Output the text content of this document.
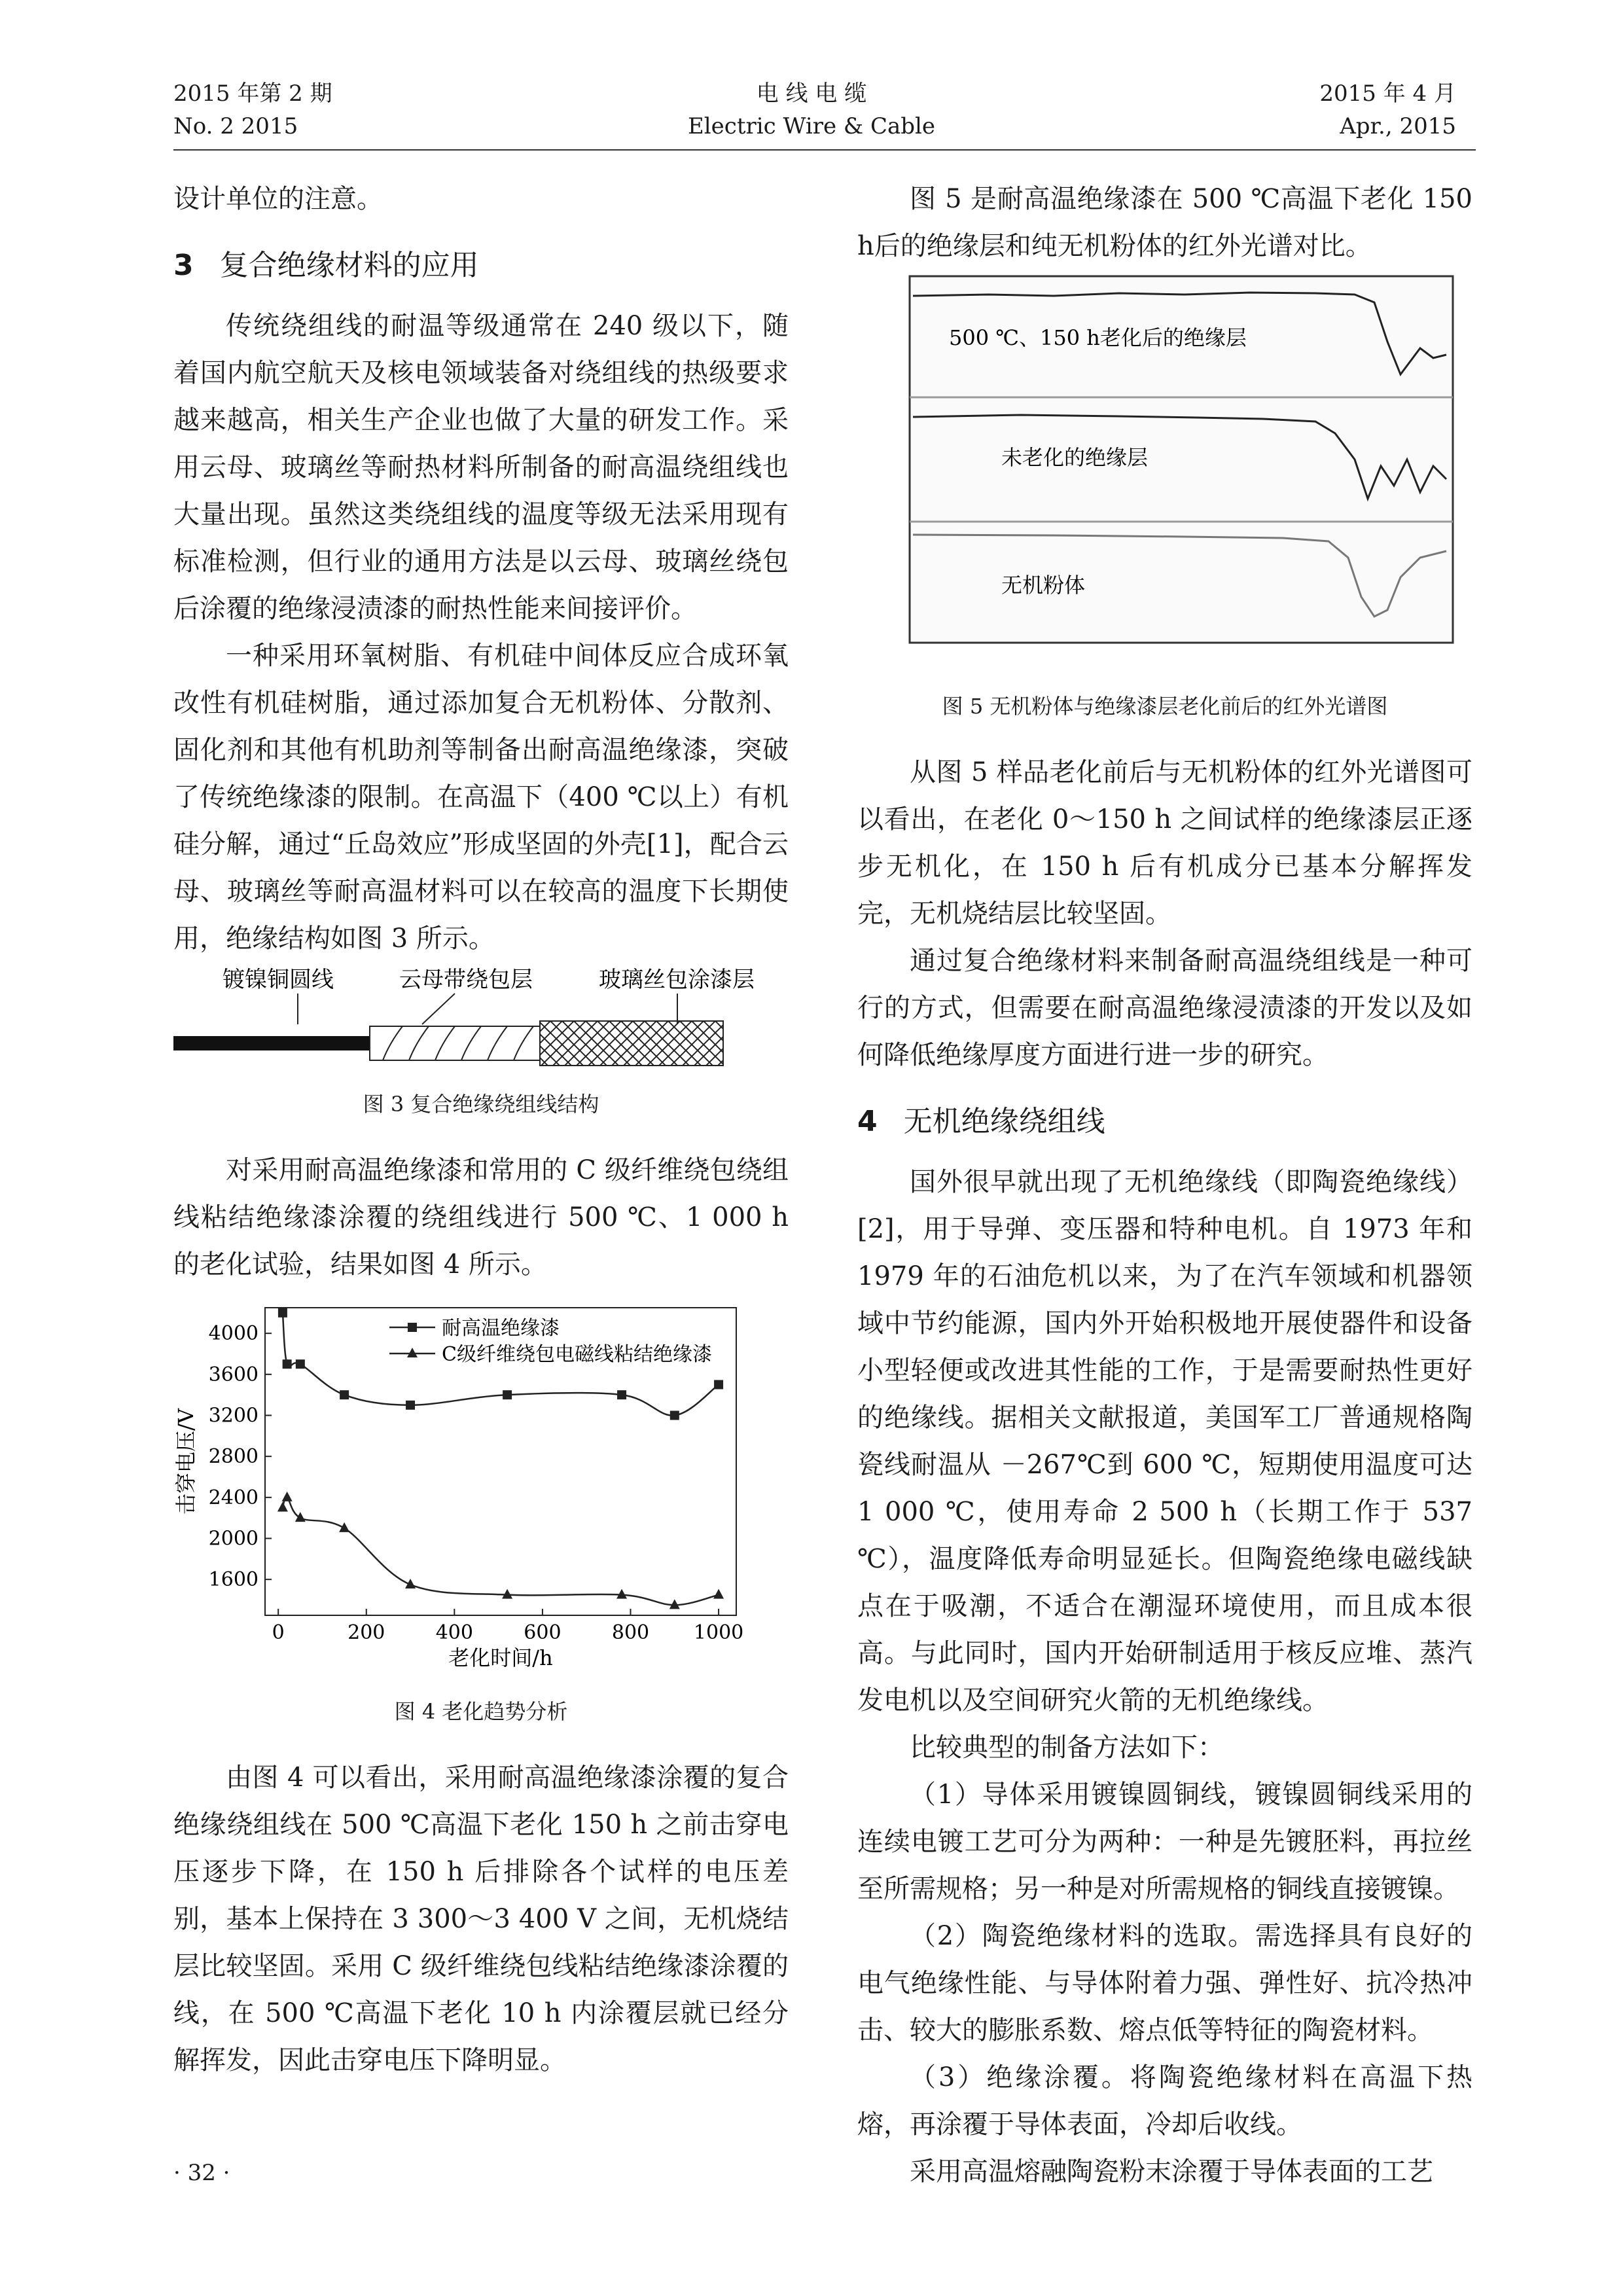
2015 年第 2 期
No. 2 2015
电 线 电 缆
Electric Wire & Cable
2015 年 4 月
Apr., 2015

设计单位的注意。

3 复合绝缘材料的应用

传统绕组线的耐温等级通常在 240 级以下，随着国内航空航天及核电领域装备对绕组线的热级要求越来越高，相关生产企业也做了大量的研发工作。采用云母、玻璃丝等耐热材料所制备的耐高温绕组线也大量出现。虽然这类绕组线的温度等级无法采用现有标准检测，但行业的通用方法是以云母、玻璃丝绕包后涂覆的绝缘浸渍漆的耐热性能来间接评价。

一种采用环氧树脂、有机硅中间体反应合成环氧改性有机硅树脂，通过添加复合无机粉体、分散剂、固化剂和其他有机助剂等制备出耐高温绝缘漆，突破了传统绝缘漆的限制。在高温下（400 ℃以上）有机硅分解，通过“丘岛效应”形成坚固的外壳[1]，配合云母、玻璃丝等耐高温材料可以在较高的温度下长期使用，绝缘结构如图 3 所示。

镀镍铜圆线	云母带绕包层	玻璃丝包涂漆层
图 3 复合绝缘绕组线结构

对采用耐高温绝缘漆和常用的 C 级纤维绕包绕组线粘结绝缘漆涂覆的绕组线进行 500 ℃、1 000 h 的老化试验，结果如图 4 所示。

0	200	400	600	800 1000
1600
2000
2400
2800
3200
3600
4000
老化时间/h
击穿电压/V
耐高温绝缘漆
C级纤维绕包电磁线粘结绝缘漆
图 4 老化趋势分析

由图 4 可以看出，采用耐高温绝缘漆涂覆的复合绝缘绕组线在 500 ℃高温下老化 150 h 之前击穿电压逐步下降，在 150 h 后排除各个试样的电压差别，基本上保持在 3 300～3 400 V 之间，无机烧结层比较坚固。采用 C 级纤维绕包线粘结绝缘漆涂覆的线，在 500 ℃高温下老化 10 h 内涂覆层就已经分解挥发，因此击穿电压下降明显。

图 5 是耐高温绝缘漆在 500 ℃高温下老化 150 h后的绝缘层和纯无机粉体的红外光谱对比。

500 ℃、150 h老化后的绝缘层
未老化的绝缘层
无机粉体
图 5 无机粉体与绝缘漆层老化前后的红外光谱图

从图 5 样品老化前后与无机粉体的红外光谱图可以看出，在老化 0～150 h 之间试样的绝缘漆层正逐步无机化，在 150 h 后有机成分已基本分解挥发完，无机烧结层比较坚固。

通过复合绝缘材料来制备耐高温绕组线是一种可行的方式，但需要在耐高温绝缘浸渍漆的开发以及如何降低绝缘厚度方面进行进一步的研究。

4 无机绝缘绕组线

国外很早就出现了无机绝缘线（即陶瓷绝缘线）[2]，用于导弹、变压器和特种电机。自 1973 年和 1979 年的石油危机以来，为了在汽车领域和机器领域中节约能源，国内外开始积极地开展使器件和设备小型轻便或改进其性能的工作，于是需要耐热性更好的绝缘线。据相关文献报道，美国军工厂普通规格陶瓷线耐温从 －267℃到 600 ℃，短期使用温度可达 1 000 ℃，使用寿命 2 500 h（长期工作于 537 ℃），温度降低寿命明显延长。但陶瓷绝缘电磁线缺点在于吸潮，不适合在潮湿环境使用，而且成本很高。与此同时，国内开始研制适用于核反应堆、蒸汽发电机以及空间研究火箭的无机绝缘线。

比较典型的制备方法如下：

（1）导体采用镀镍圆铜线，镀镍圆铜线采用的连续电镀工艺可分为两种：一种是先镀胚料，再拉丝至所需规格；另一种是对所需规格的铜线直接镀镍。

（2）陶瓷绝缘材料的选取。需选择具有良好的电气绝缘性能、与导体附着力强、弹性好、抗冷热冲击、较大的膨胀系数、熔点低等特征的陶瓷材料。

（3）绝缘涂覆。将陶瓷绝缘材料在高温下热熔，再涂覆于导体表面，冷却后收线。

采用高温熔融陶瓷粉末涂覆于导体表面的工艺

· 32 ·
